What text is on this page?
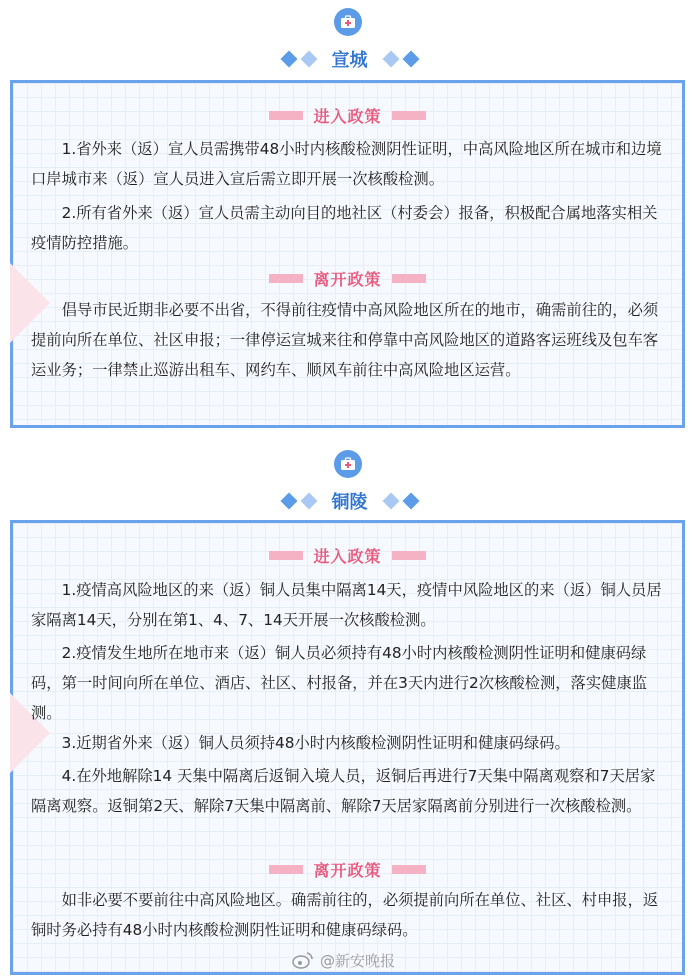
宣城
进入政策

1.省外来（返）宣人员需携带48小时内核酸检测阴性证明，中高风险地区所在城市和边境口岸城市来（返）宣人员进入宣后需立即开展一次核酸检测。

2.所有省外来（返）宣人员需主动向目的地社区（村委会）报备，积极配合属地落实相关疫情防控措施。

离开政策

倡导市民近期非必要不出省，不得前往疫情中高风险地区所在的地市，确需前往的，必须提前向所在单位、社区申报；一律停运宣城来往和停靠中高风险地区的道路客运班线及包车客运业务；一律禁止巡游出租车、网约车、顺风车前往中高风险地区运营。

铜陵
进入政策

1.疫情高风险地区的来（返）铜人员集中隔离14天，疫情中风险地区的来（返）铜人员居家隔离14天，分别在第1、4、7、14天开展一次核酸检测。

2.疫情发生地所在地市来（返）铜人员必须持有48小时内核酸检测阴性证明和健康码绿码，第一时间向所在单位、酒店、社区、村报备，并在3天内进行2次核酸检测，落实健康监测。

3.近期省外来（返）铜人员须持48小时内核酸检测阴性证明和健康码绿码。

4.在外地解除14 天集中隔离后返铜入境人员，返铜后再进行7天集中隔离观察和7天居家隔离观察。返铜第2天、解除7天集中隔离前、解除7天居家隔离前分别进行一次核酸检测。

离开政策

如非必要不要前往中高风险地区。确需前往的，必须提前向所在单位、社区、村申报，返铜时务必持有48小时内核酸检测阴性证明和健康码绿码。

@新安晚报
